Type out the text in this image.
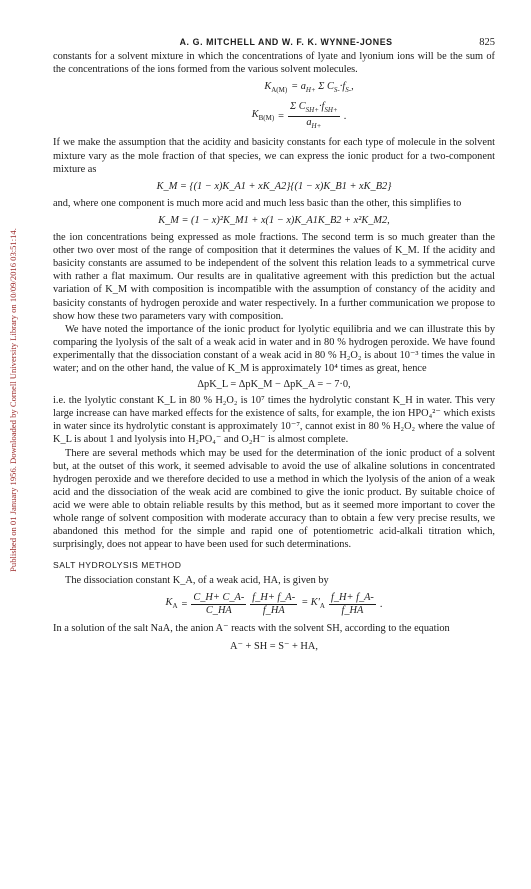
Published on 01 January 1956. Downloaded by Cornell University Library on 10/09/2016 03:51:14.
A. G. MITCHELL AND W. F. K. WYNNE-JONES	825

constants for a solvent mixture in which the concentrations of lyate and lyonium ions will be the sum of the concentrations of the ions formed from the various solvent molecules.

$K_{A(M)} = a_{H+}$ Σ $C_{S-}\cdot f_{S-}$,
$K_{B(M)} = \frac{\Sigma C_{SH+}\cdot f_{SH+}}{a_{H+}}$ .

If we make the assumption that the acidity and basicity constants for each type of molecule in the solvent mixture vary as the mole fraction of that species, we can express the ionic product for a two-component mixture as

K_M = {(1 − x)K_A1 + xK_A2}{(1 − x)K_B1 + xK_B2}

and, where one component is much more acid and much less basic than the other, this simplifies to

K_M = (1 − x)²K_M1 + x(1 − x)K_A1K_B2 + x²K_M2,

the ion concentrations being expressed as mole fractions. The second term is so much greater than the other two over most of the range of composition that it determines the values of K_M. If the acidity and basicity constants are assumed to be independent of the solvent this relation leads to a symmetrical curve with rather a flat maximum. Our results are in qualitative agreement with this prediction but the actual variation of K_M with composition is incompatible with the assumption of constancy of the acidity and basicity constants of hydrogen peroxide and water respectively. In a further communication we propose to show how these two parameters vary with composition.

We have noted the importance of the ionic product for lyolytic equilibria and we can illustrate this by comparing the lyolysis of the salt of a weak acid in water and in 80 % hydrogen peroxide. We have found experimentally that the dissociation constant of a weak acid in 80 % H₂O₂ is about 10⁻³ times the value in water; and on the other hand, the value of K_M is approximately 10⁴ times as great, hence

ΔpK_L = ΔpK_M − ΔpK_A = − 7·0,

i.e. the lyolytic constant K_L in 80 % H₂O₂ is 10⁷ times the hydrolytic constant K_H in water. This very large increase can have marked effects for the existence of salts, for example, the ion HPO₄²⁻ which exists in water since its hydrolytic constant is approximately 10⁻⁷, cannot exist in 80 % H₂O₂ where the value of K_L is about 1 and lyolysis into H₂PO₄⁻ and O₂H⁻ is almost complete.

There are several methods which may be used for the determination of the ionic product of a solvent but, at the outset of this work, it seemed advisable to avoid the use of alkaline solutions in concentrated hydrogen peroxide and we therefore decided to use a method in which the lyolysis of the anion of a weak acid and the dissociation of the weak acid are combined to give the ionic product. By suitable choice of acid we were able to obtain reliable results by this method, but as it seemed more important to cover the whole range of solvent composition with moderate accuracy than to obtain a few very precise results, we abandoned this method for the simple and rapid one of potentiometric acid-alkali titration which, surprisingly, does not appear to have been used for such determinations.

SALT HYDROLYSIS METHOD

The dissociation constant K_A, of a weak acid, HA, is given by

$K_A = \frac{C\_H+ C\_A-}{C\_HA} \frac{f\_H+ f\_A-}{f\_HA} = K'_A \frac{f\_H+ f\_A-}{f\_HA}$ .

In a solution of the salt NaA, the anion A⁻ reacts with the solvent SH, according to the equation

A⁻ + SH = S⁻ + HA,
